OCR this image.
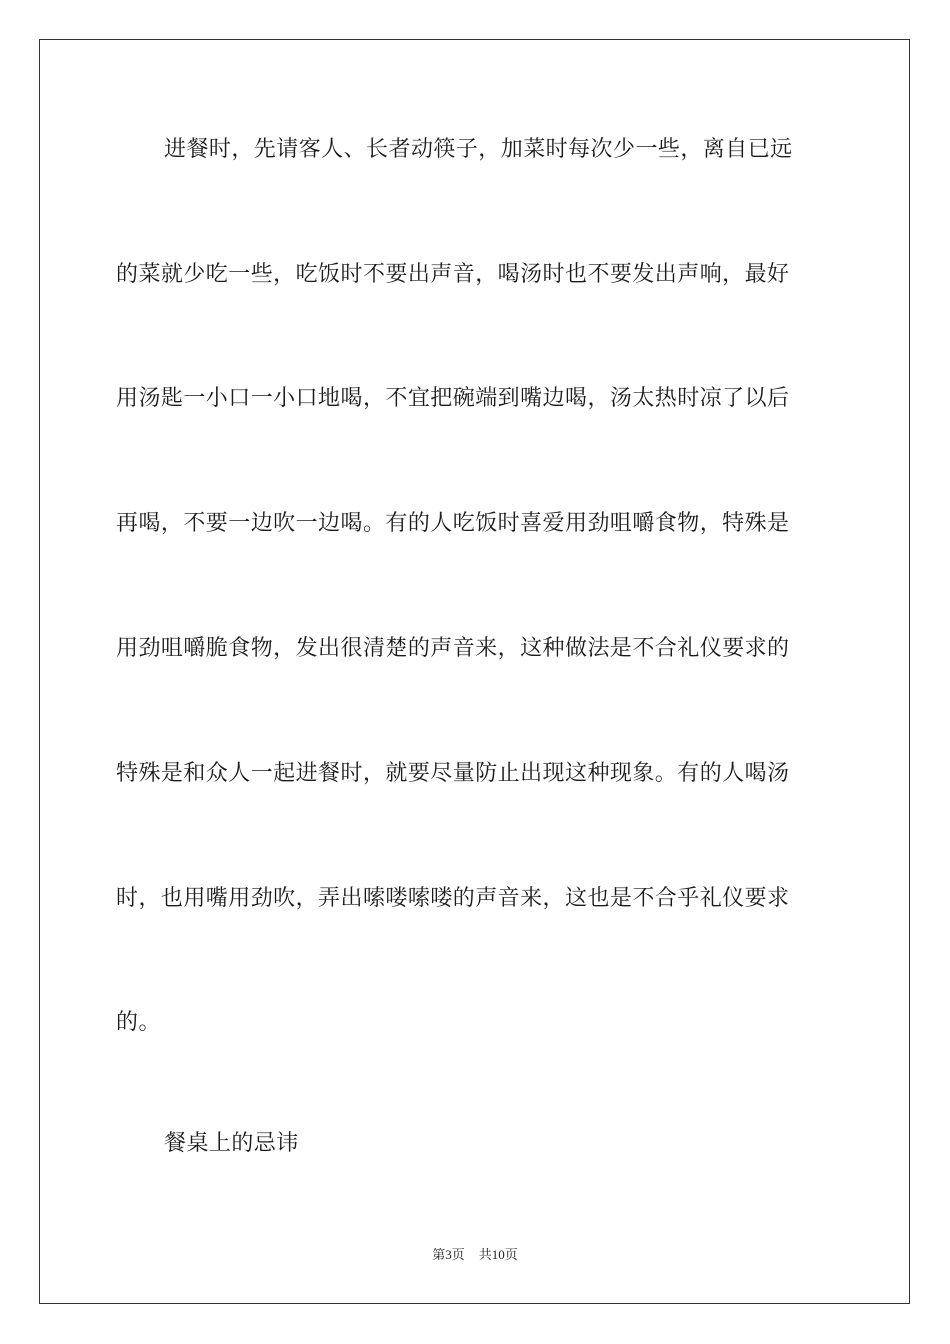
进餐时，先请客人、长者动筷子，加菜时每次少一些，离自已远
的菜就少吃一些，吃饭时不要出声音，喝汤时也不要发出声响，最好
用汤匙一小口一小口地喝，不宜把碗端到嘴边喝，汤太热时凉了以后
再喝，不要一边吹一边喝。有的人吃饭时喜爱用劲咀嚼食物，特殊是
用劲咀嚼脆食物，发出很清楚的声音来，这种做法是不合礼仪要求的
特殊是和众人一起进餐时，就要尽量防止出现这种现象。有的人喝汤
时，也用嘴用劲吹，弄出嗦喽嗦喽的声音来，这也是不合乎礼仪要求
的。
餐桌上的忌讳
第3页 共10页
